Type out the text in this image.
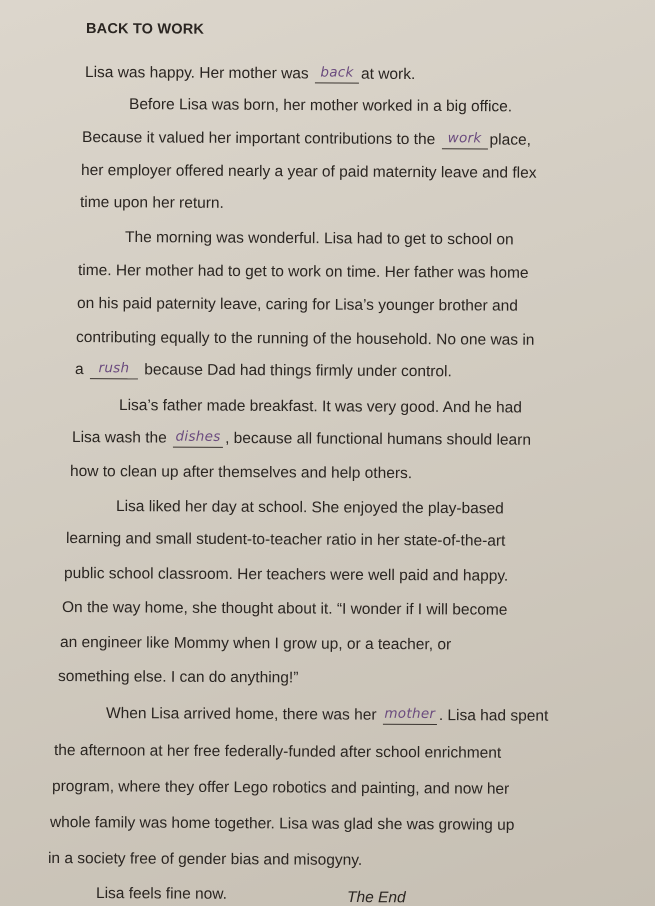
BACK TO WORK
Lisa was happy. Her mother was back at work.
Before Lisa was born, her mother worked in a big office.
Because it valued her important contributions to the work place,
her employer offered nearly a year of paid maternity leave and flex
time upon her return.
The morning was wonderful. Lisa had to get to school on
time. Her mother had to get to work on time. Her father was home
on his paid paternity leave, caring for Lisa’s younger brother and
contributing equally to the running of the household. No one was in
a rush because Dad had things firmly under control.
Lisa’s father made breakfast. It was very good. And he had
Lisa wash the dishes , because all functional humans should learn
how to clean up after themselves and help others.
Lisa liked her day at school. She enjoyed the play-based
learning and small student-to-teacher ratio in her state-of-the-art
public school classroom. Her teachers were well paid and happy.
On the way home, she thought about it. “I wonder if I will become
an engineer like Mommy when I grow up, or a teacher, or
something else. I can do anything!”
When Lisa arrived home, there was her mother . Lisa had spent
the afternoon at her free federally-funded after school enrichment
program, where they offer Lego robotics and painting, and now her
whole family was home together. Lisa was glad she was growing up
in a society free of gender bias and misogyny.
Lisa feels fine now.	The End
